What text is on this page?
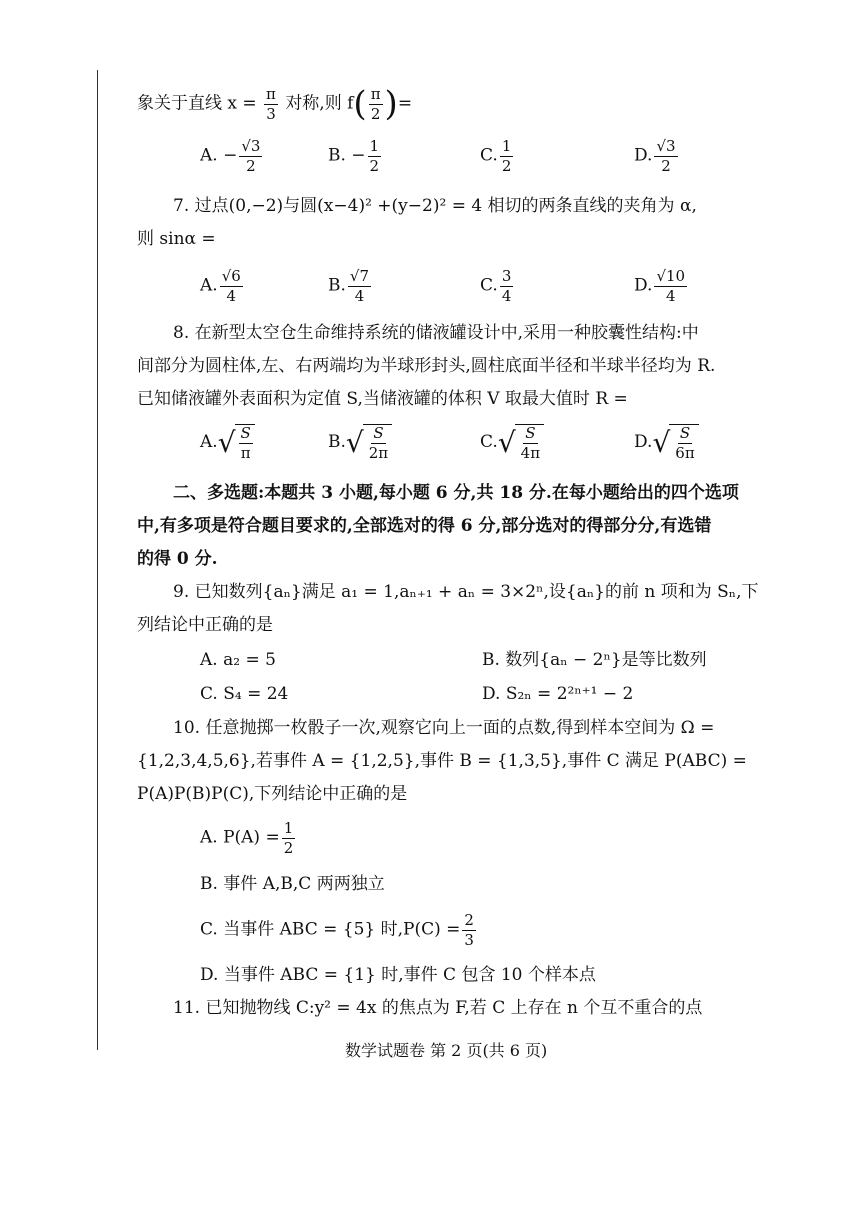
象关于直线 $x = \frac{\pi}{3}$ 对称,则 $f( \frac{\pi}{2}$ )=
A. − $\frac{√3}{2}$	B. − $\frac{1}{2}$	C. $\frac{1}{2}$	D. $\frac{√3}{2}$
7. 过点(0,−2)与圆(x−4)² +(y−2)² = 4 相切的两条直线的夹角为 α,
则 sinα =
A. $\frac{√6}{4}$	B. $\frac{√7}{4}$	C. $\frac{3}{4}$	D. $\frac{√10}{4}$
8. 在新型太空仓生命维持系统的储液罐设计中,采用一种胶囊性结构:中
间部分为圆柱体,左、右两端均为半球形封头,圆柱底面半径和半球半径均为 R.
已知储液罐外表面积为定值 S,当储液罐的体积 V 取最大值时 R =
A. √ $\frac{S}{\pi}$	B. √ $\frac{S}{2\pi}$	C. √ $\frac{S}{4\pi}$	D. √ $\frac{S}{6\pi}$
二、多选题:本题共 3 小题,每小题 6 分,共 18 分.在每小题给出的四个选项
中,有多项是符合题目要求的,全部选对的得 6 分,部分选对的得部分分,有选错
的得 0 分.
9. 已知数列{aₙ}满足 a₁ = 1,aₙ₊₁ + aₙ = 3×2ⁿ,设{aₙ}的前 n 项和为 Sₙ,下
列结论中正确的是
A. a₂ = 5	B. 数列{aₙ − 2ⁿ}是等比数列
C. S₄ = 24	D. S₂ₙ = 2²ⁿ⁺¹ − 2
10. 任意抛掷一枚骰子一次,观察它向上一面的点数,得到样本空间为 Ω =
{1,2,3,4,5,6},若事件 A = {1,2,5},事件 B = {1,3,5},事件 C 满足 P(ABC) =
P(A)P(B)P(C),下列结论中正确的是
A. $P(A) = \frac{1}{2}$
B. 事件 A,B,C 两两独立
C. 当事件 ABC = {5} 时$,P(C) = \frac{2}{3}$
D. 当事件 ABC = {1} 时,事件 C 包含 10 个样本点
11. 已知抛物线 C:y² = 4x 的焦点为 F,若 C 上存在 n 个互不重合的点
数学试题卷 第 2 页(共 6 页)
